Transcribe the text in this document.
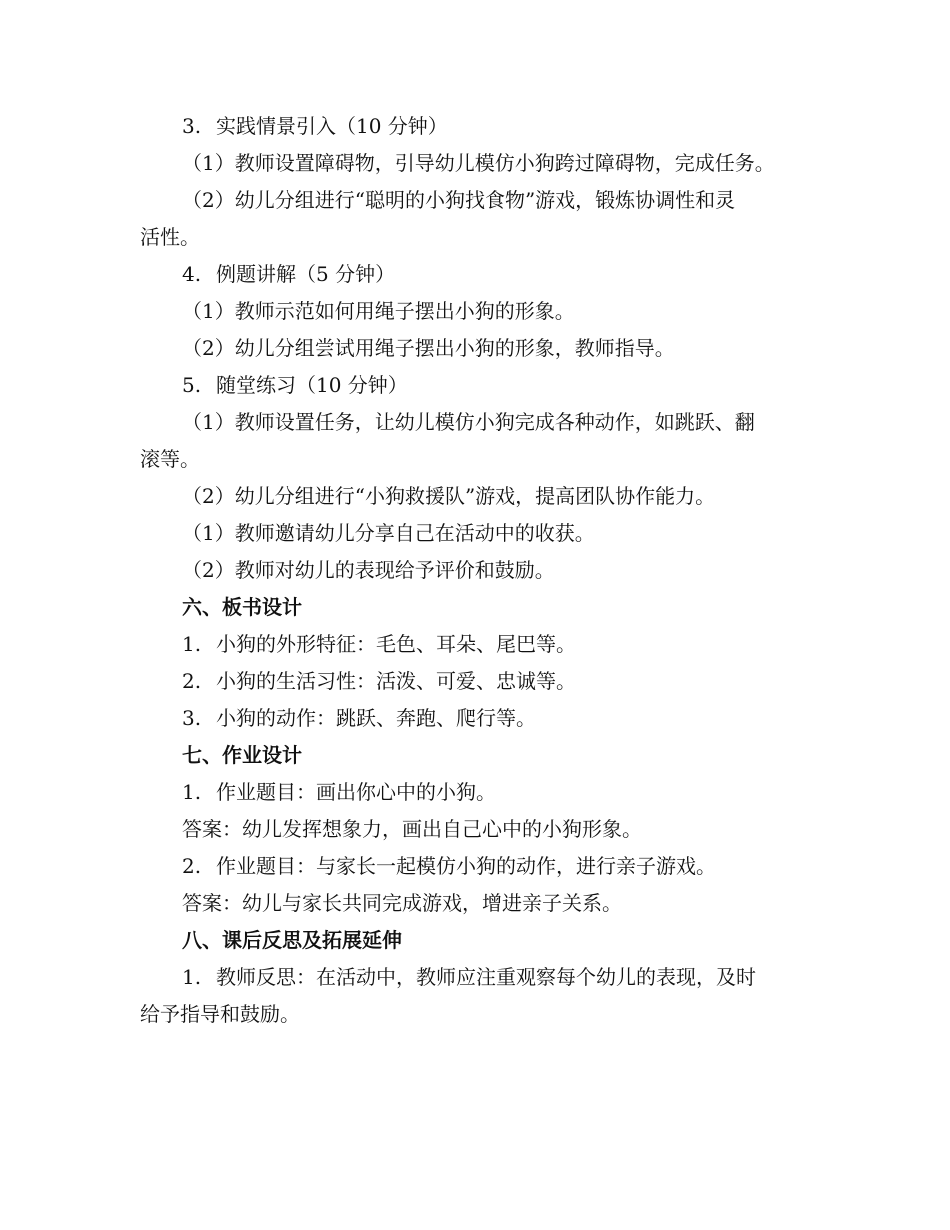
3. 实践情景引入（10 分钟）
（1）教师设置障碍物，引导幼儿模仿小狗跨过障碍物，完成任务。
（2）幼儿分组进行“聪明的小狗找食物”游戏，锻炼协调性和灵
活性。
4. 例题讲解（5 分钟）
（1）教师示范如何用绳子摆出小狗的形象。
（2）幼儿分组尝试用绳子摆出小狗的形象，教师指导。
5. 随堂练习（10 分钟）
（1）教师设置任务，让幼儿模仿小狗完成各种动作，如跳跃、翻
滚等。
（2）幼儿分组进行“小狗救援队”游戏，提高团队协作能力。
（1）教师邀请幼儿分享自己在活动中的收获。
（2）教师对幼儿的表现给予评价和鼓励。
六、板书设计
1. 小狗的外形特征：毛色、耳朵、尾巴等。
2. 小狗的生活习性：活泼、可爱、忠诚等。
3. 小狗的动作：跳跃、奔跑、爬行等。
七、作业设计
1. 作业题目：画出你心中的小狗。
答案：幼儿发挥想象力，画出自己心中的小狗形象。
2. 作业题目：与家长一起模仿小狗的动作，进行亲子游戏。
答案：幼儿与家长共同完成游戏，增进亲子关系。
八、课后反思及拓展延伸
1. 教师反思：在活动中，教师应注重观察每个幼儿的表现，及时
给予指导和鼓励。
